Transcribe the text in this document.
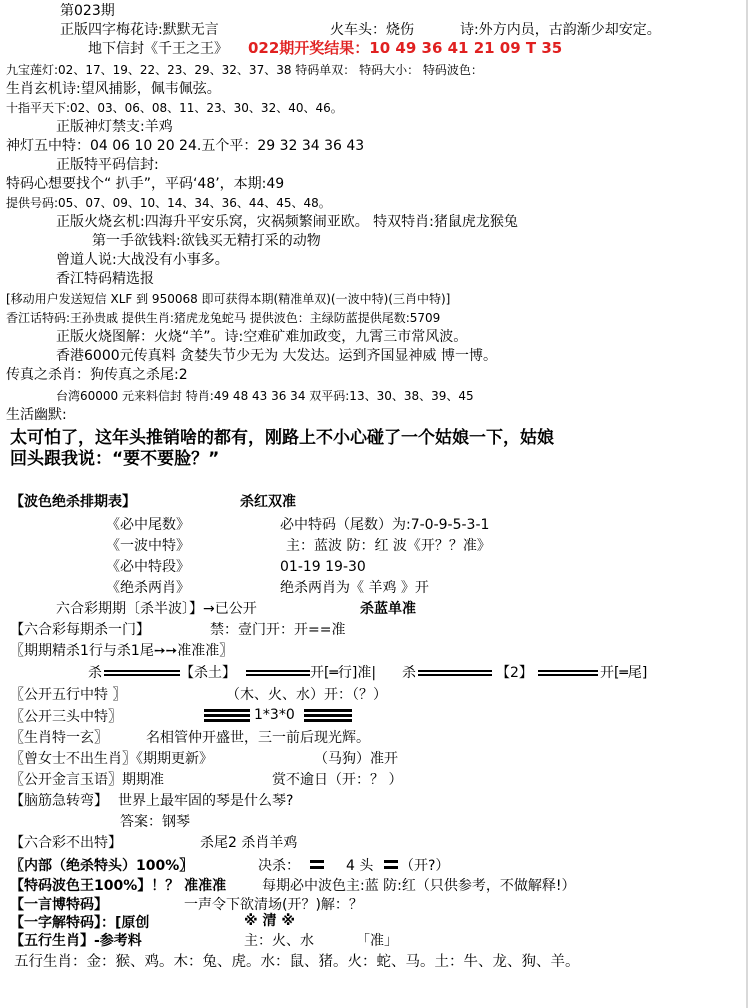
第023期
正版四字梅花诗:默默无言	火车头：烧伤	诗:外方内员，古韵渐少却安定。
地下信封《千王之王》 022期开奖结果：10 49 36 41 21 09 T 35
九宝莲灯:02、17、19、22、23、29、32、37、38 特码单双： 特码大小： 特码波色：
生肖玄机诗:望风捕影，佩韦佩弦。
十指平天下:02、03、06、08、11、23、30、32、40、46。
正版神灯禁支:羊鸡
神灯五中特：04 06 10 20 24.五个平：29 32 34 36 43
正版特平码信封:
特码心想要找个“ 扒手”，平码‘48’，本期:49
提供号码:05、07、09、10、14、34、36、44、45、48。
正版火烧玄机:四海升平安乐窝，灾祸频繁闹亚欧。 特双特肖:猪鼠虎龙猴兔
第一手欲钱料:欲钱买无精打采的动物
曾道人说:大战没有小事多。
香江特码精选报
[移动用户发送短信 XLF 到 950068 即可获得本期(精准单双)(一波中特)(三肖中特)]
香江话特码:王孙贵戚 提供生肖:猪虎龙兔蛇马 提供波色：主绿防蓝提供尾数:5709
正版火烧图解：火烧“羊”。诗:空难矿难加政变，九霄三市常风波。
香港6000元传真料 贪婪失节少无为 大发达。运到齐国显神威 博一博。
传真之杀肖：狗传真之杀尾:2
台湾60000 元来料信封 特肖:49 48 43 36 34 双平码:13、30、38、39、45
生活幽默:
太可怕了，这年头推销啥的都有，刚路上不小心碰了一个姑娘一下，姑娘
回头跟我说：“要不要脸？”
【波色绝杀排期表】	杀红双准
《必中尾数》	必中特码（尾数）为:7-0-9-5-3-1
《一波中特》	主：蓝波 防：红 波《开？？准》
《必中特段》	01-19 19-30
《绝杀两肖》	绝杀两肖为《 羊鸡 》开
六合彩期期〔杀半波〕】→已公开	杀蓝单准
【六合彩每期杀一门】	禁：壹门开：开==准
〖期期精杀1行与杀1尾➙➙准准准〗
杀	【杀土】	开[═行]准| 杀	【2】	开[═尾]
〖公开五行中特 〗	（木、火、水）开：（？）
〖公开三头中特〗	1*3*0
〖生肖特一玄〗	名相管仲开盛世，三一前后现光辉。
〖曾女士不出生肖〗《期期更新》	（马狗）准开
〖公开金言玉语〗期期准	赏不逾日（开：？ ）
【脑筋急转弯】 世界上最牢固的琴是什么琴?
答案：钢琴
【六合彩不出特】	杀尾2 杀肖羊鸡
〖内部（绝杀特头）100%〗	决杀：	4 头 （开?）
【特码波色王100%】！？ 准准准	每期必中波色主:蓝 防:红（只供参考，不做解释!）
【一言博特码】	一声令下欲清场(开？)解：？
【一字解特码】：[原创	※ 清 ※
【五行生肖】-参考料	主：火、水	「准」
五行生肖：金：猴、鸡。木：兔、虎。水：鼠、猪。火：蛇、马。土：牛、龙、狗、羊。
